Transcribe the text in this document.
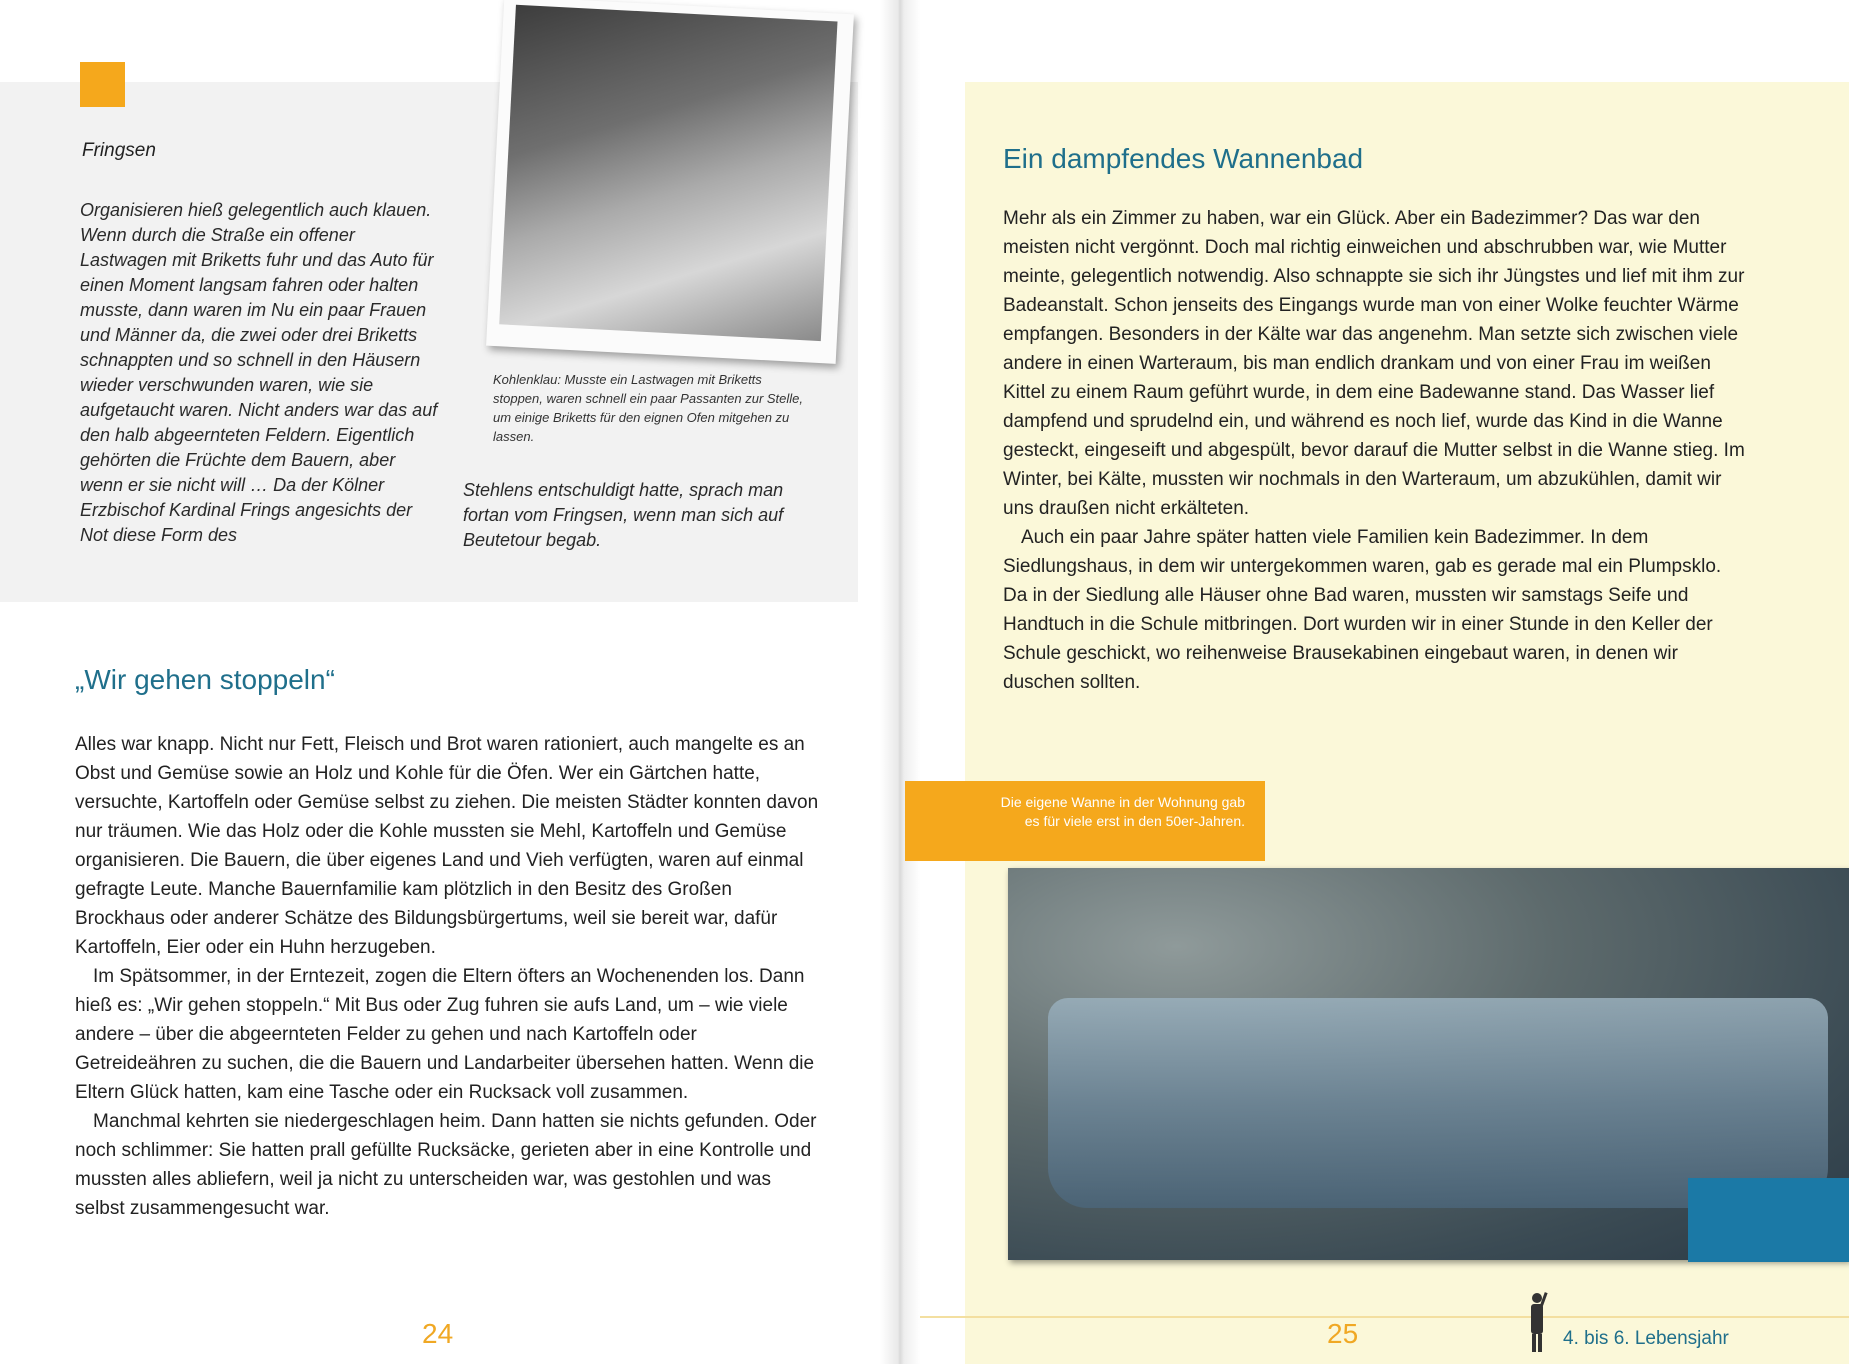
Fringsen
Organisieren hieß gelegentlich auch klauen. Wenn durch die Straße ein offener Lastwagen mit Briketts fuhr und das Auto für einen Moment langsam fahren oder halten musste, dann waren im Nu ein paar Frauen und Männer da, die zwei oder drei Briketts schnappten und so schnell in den Häusern wieder verschwunden waren, wie sie aufgetaucht waren. Nicht anders war das auf den halb abgeernteten Feldern. Eigentlich gehörten die Früchte dem Bauern, aber wenn er sie nicht will … Da der Kölner Erzbischof Kardinal Frings angesichts der Not diese Form des
Kohlenklau: Musste ein Lastwagen mit Briketts stoppen, waren schnell ein paar Passanten zur Stelle, um einige Briketts für den eignen Ofen mitgehen zu lassen.
Stehlens entschuldigt hatte, sprach man fortan vom Fringsen, wenn man sich auf Beutetour begab.
„Wir gehen stoppeln“

Alles war knapp. Nicht nur Fett, Fleisch und Brot waren rationiert, auch mangelte es an Obst und Gemüse sowie an Holz und Kohle für die Öfen. Wer ein Gärtchen hatte, versuchte, Kartoffeln oder Gemüse selbst zu ziehen. Die meisten Städter konnten davon nur träumen. Wie das Holz oder die Kohle mussten sie Mehl, Kartoffeln und Gemüse organisieren. Die Bauern, die über eigenes Land und Vieh verfügten, waren auf einmal gefragte Leute. Manche Bauernfamilie kam plötzlich in den Besitz des Großen Brockhaus oder anderer Schätze des Bildungsbürgertums, weil sie bereit war, dafür Kartoffeln, Eier oder ein Huhn herzugeben.

Im Spätsommer, in der Erntezeit, zogen die Eltern öfters an Wochenenden los. Dann hieß es: „Wir gehen stoppeln.“ Mit Bus oder Zug fuhren sie aufs Land, um – wie viele andere – über die abgeernteten Felder zu gehen und nach Kartoffeln oder Getreideähren zu suchen, die die Bauern und Landarbeiter übersehen hatten. Wenn die Eltern Glück hatten, kam eine Tasche oder ein Rucksack voll zusammen.

Manchmal kehrten sie niedergeschlagen heim. Dann hatten sie nichts gefunden. Oder noch schlimmer: Sie hatten prall gefüllte Rucksäcke, gerieten aber in eine Kontrolle und mussten alles abliefern, weil ja nicht zu unterscheiden war, was gestohlen und was selbst zusammengesucht war.

24
Ein dampfendes Wannenbad

Mehr als ein Zimmer zu haben, war ein Glück. Aber ein Badezimmer? Das war den meisten nicht vergönnt. Doch mal richtig einweichen und abschrubben war, wie Mutter meinte, gelegentlich notwendig. Also schnappte sie sich ihr Jüngstes und lief mit ihm zur Badeanstalt. Schon jenseits des Eingangs wurde man von einer Wolke feuchter Wärme empfangen. Besonders in der Kälte war das angenehm. Man setzte sich zwischen viele andere in einen Warteraum, bis man endlich drankam und von einer Frau im weißen Kittel zu einem Raum geführt wurde, in dem eine Badewanne stand. Das Wasser lief dampfend und sprudelnd ein, und während es noch lief, wurde das Kind in die Wanne gesteckt, eingeseift und abgespült, bevor darauf die Mutter selbst in die Wanne stieg. Im Winter, bei Kälte, mussten wir nochmals in den Warteraum, um abzukühlen, damit wir uns draußen nicht erkälteten.

Auch ein paar Jahre später hatten viele Familien kein Badezimmer. In dem Siedlungshaus, in dem wir untergekommen waren, gab es gerade mal ein Plumpsklo. Da in der Siedlung alle Häuser ohne Bad waren, mussten wir samstags Seife und Handtuch in die Schule mitbringen. Dort wurden wir in einer Stunde in den Keller der Schule geschickt, wo reihenweise Brausekabinen eingebaut waren, in denen wir duschen sollten.

Die eigene Wanne in der Wohnung gab es für viele erst in den 50er-Jahren.
25	4. bis 6. Lebensjahr
